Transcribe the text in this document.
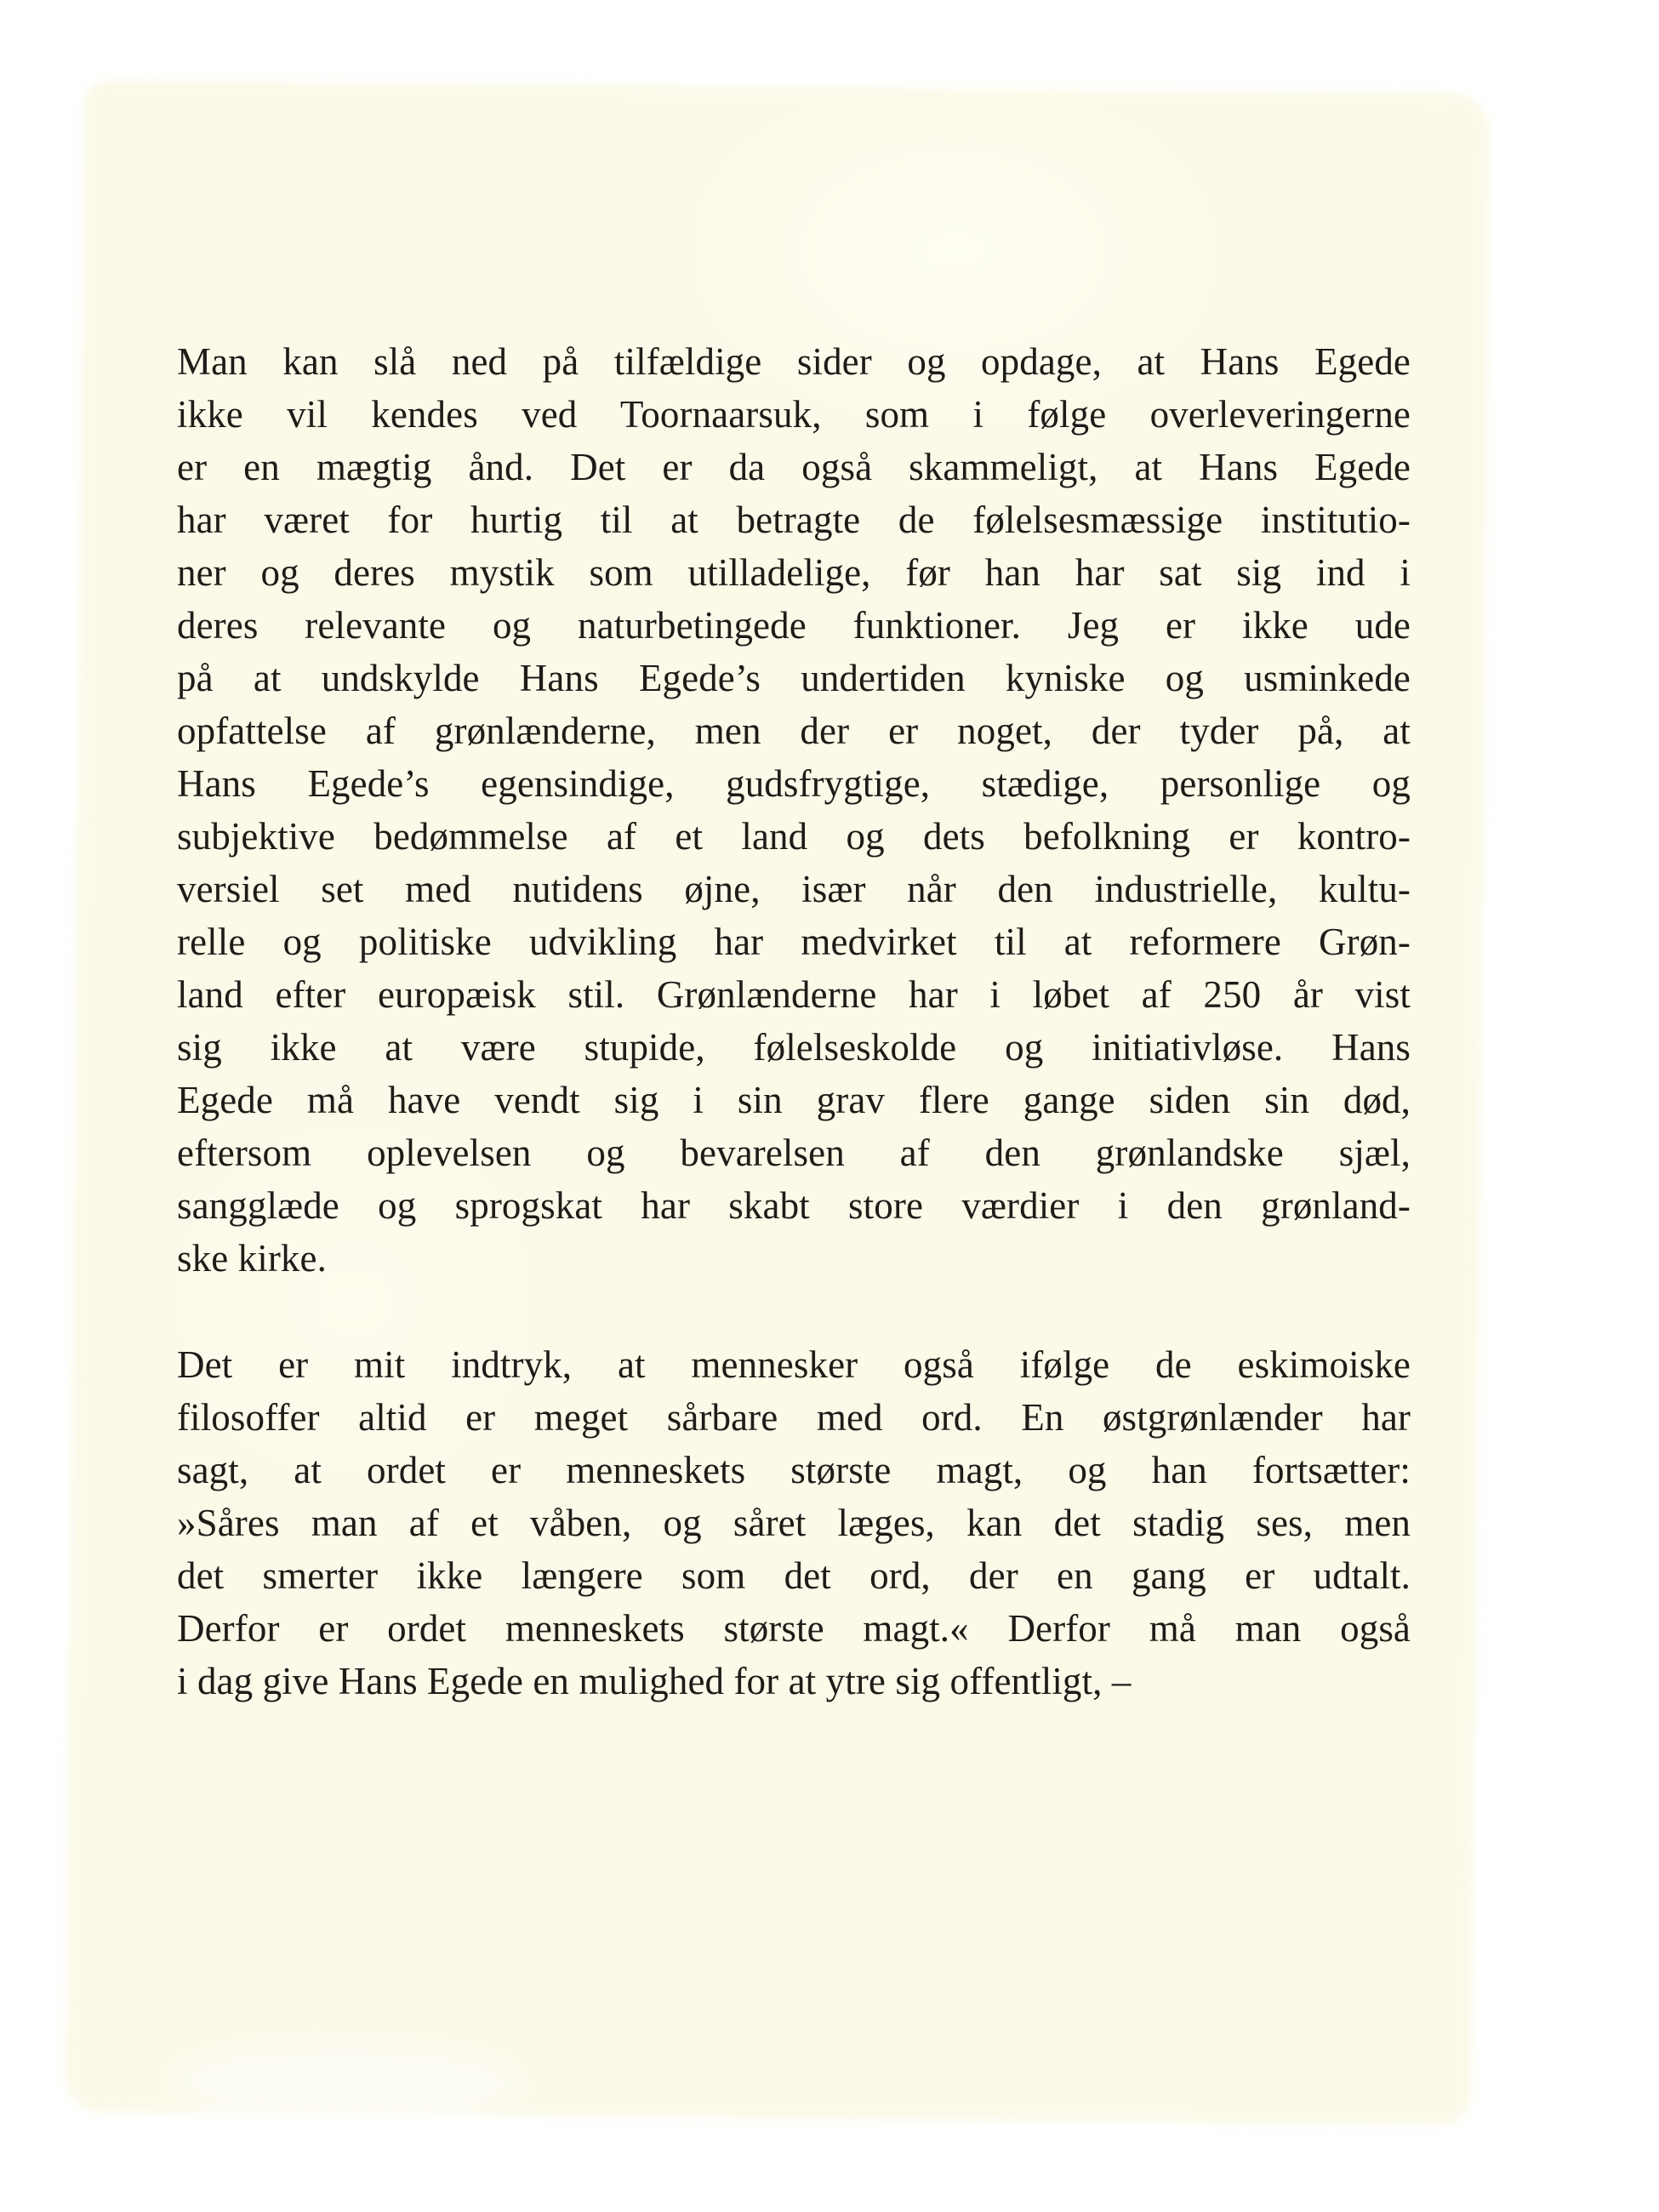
Man kan slå ned på tilfældige sider og opdage, at Hans Egede
ikke vil kendes ved Toornaarsuk, som i følge overleveringerne
er en mægtig ånd. Det er da også skammeligt, at Hans Egede
har været for hurtig til at betragte de følelsesmæssige institutio-
ner og deres mystik som utilladelige, før han har sat sig ind i
deres relevante og naturbetingede funktioner. Jeg er ikke ude
på at undskylde Hans Egede’s undertiden kyniske og usminkede
opfattelse af grønlænderne, men der er noget, der tyder på, at
Hans Egede’s egensindige, gudsfrygtige, stædige, personlige og
subjektive bedømmelse af et land og dets befolkning er kontro-
versiel set med nutidens øjne, især når den industrielle, kultu-
relle og politiske udvikling har medvirket til at reformere Grøn-
land efter europæisk stil. Grønlænderne har i løbet af 250 år vist
sig ikke at være stupide, følelseskolde og initiativløse. Hans
Egede må have vendt sig i sin grav flere gange siden sin død,
eftersom oplevelsen og bevarelsen af den grønlandske sjæl,
sangglæde og sprogskat har skabt store værdier i den grønland-
ske kirke.
Det er mit indtryk, at mennesker også ifølge de eskimoiske
filosoffer altid er meget sårbare med ord. En østgrønlænder har
sagt, at ordet er menneskets største magt, og han fortsætter:
»Såres man af et våben, og såret læges, kan det stadig ses, men
det smerter ikke længere som det ord, der en gang er udtalt.
Derfor er ordet menneskets største magt.« Derfor må man også
i dag give Hans Egede en mulighed for at ytre sig offentligt, –
